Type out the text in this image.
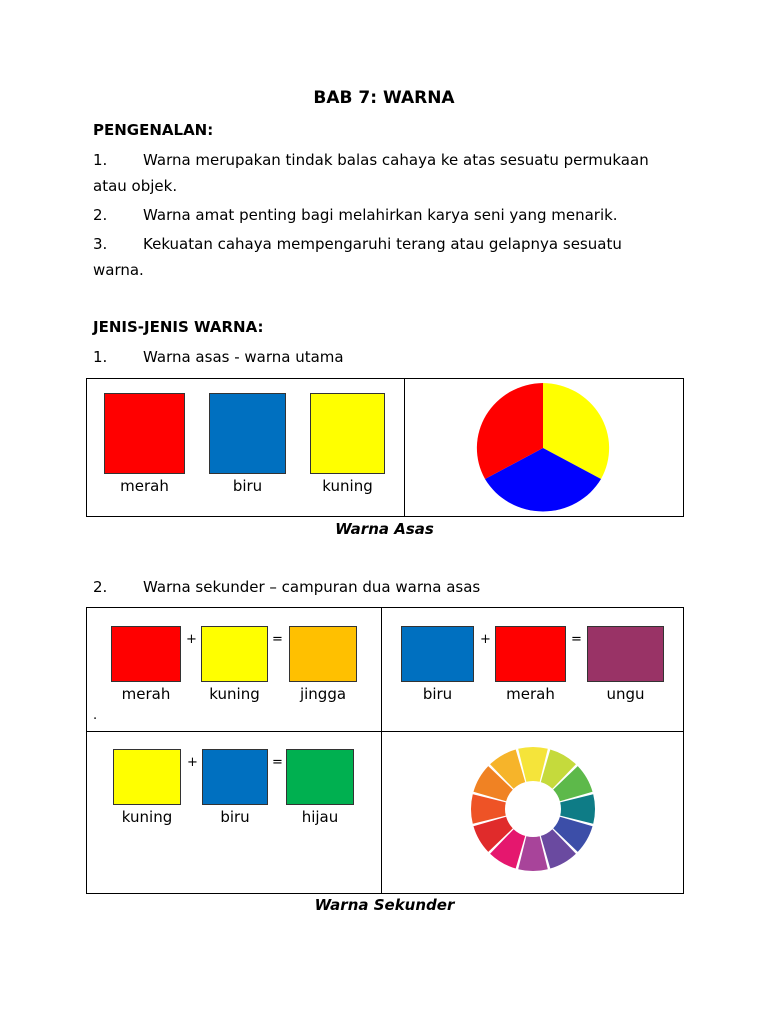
BAB 7: WARNA
PENGENALAN:
1. Warna merupakan tindak balas cahaya ke atas sesuatu permukaan
atau objek.
2. Warna amat penting bagi melahirkan karya seni yang menarik.
3. Kekuatan cahaya mempengaruhi terang atau gelapnya sesuatu
warna.
JENIS-JENIS WARNA:
1. Warna asas - warna utama
merah	biru	kuning
Warna Asas
2. Warna sekunder – campuran dua warna asas
+	=
merah	kuning	jingga
.
+	=
biru	merah	ungu
+	=
kuning	biru	hijau
Warna Sekunder
